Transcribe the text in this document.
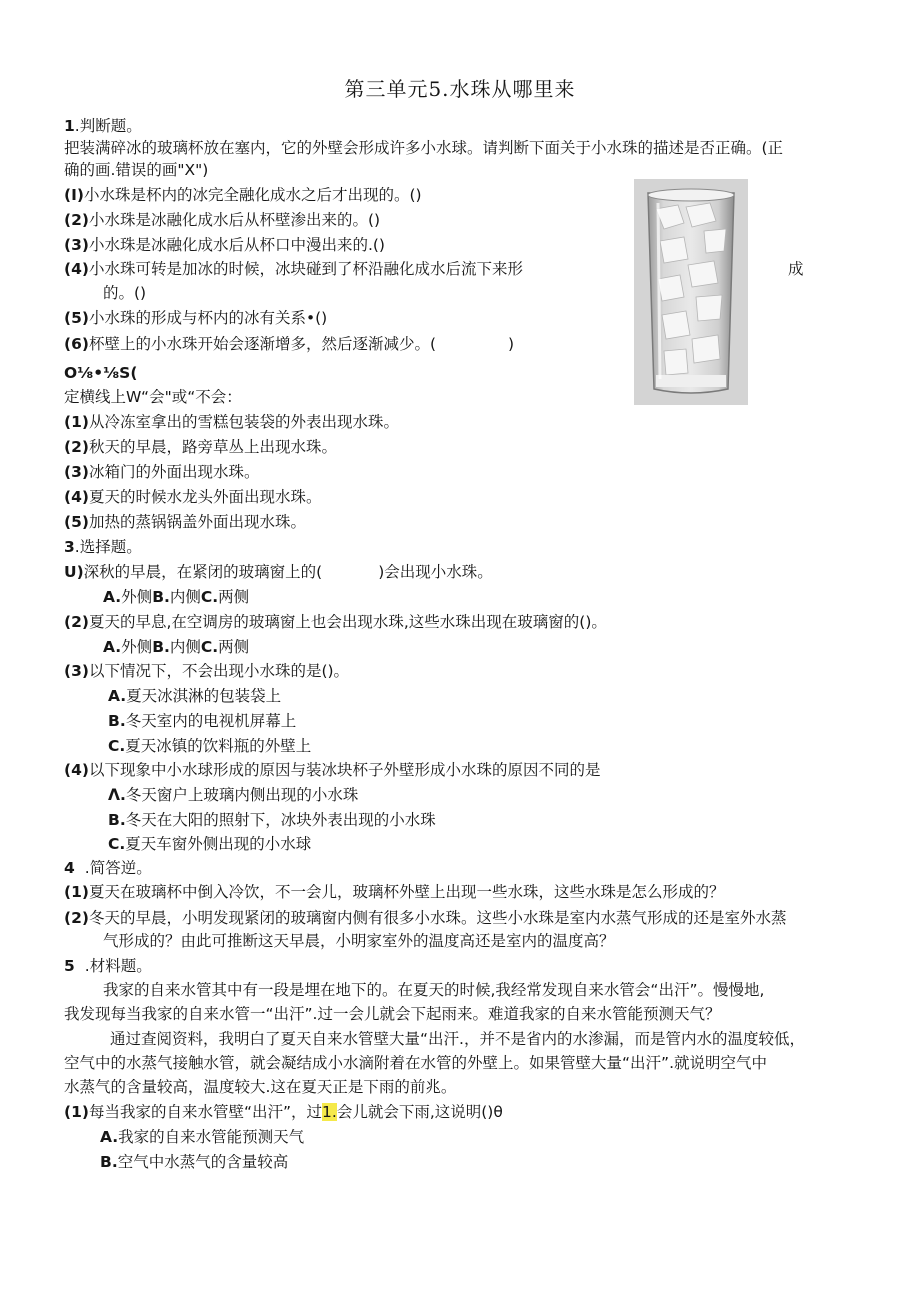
第三单元5.水珠从哪里来
1.判断题。
把装满碎冰的玻璃杯放在塞内，它的外壁会形成许多小水球。请判断下面关于小水珠的描述是否正确。(正
确的画.错误的画"X")
(I)小水珠是杯内的冰完全融化成水之后才出现的。()
(2)小水珠是冰融化成水后从杯壁渗出来的。()
(3)小水珠是冰融化成水后从杯口中漫出来的.()
(4)小水珠可转是加冰的时候，冰块碰到了杯沿融化成水后流下来形	成
的。()
(5)小水珠的形成与杯内的冰有关系•()
(6)杯壁上的小水珠开始会逐渐增多，然后逐渐减少。(	)
O⅛•⅛S(
定横线上W“会"或“不会：
(1)从冷冻室拿出的雪糕包装袋的外表出现水珠。
(2)秋天的早晨，路旁草丛上出现水珠。
(3)冰箱门的外面出现水珠。
(4)夏天的时候水龙头外面出现水珠。
(5)加热的蒸锅锅盖外面出现水珠。
3.选择题。
U)深秋的早晨，在紧闭的玻璃窗上的(	)会出现小水珠。
A.外侧B.内侧C.两侧
(2)夏天的早息,在空调房的玻璃窗上也会出现水珠,这些水珠出现在玻璃窗的()。
A.外侧B.内侧C.两侧
(3)以下情况下，不会出现小水珠的是()。
A.夏天冰淇淋的包装袋上
B.冬天室内的电视机屏幕上
C.夏天冰镇的饮料瓶的外壁上
(4)以下现象中小水球形成的原因与装冰块杯子外壁形成小水珠的原因不同的是
Λ.冬天窗户上玻璃内侧出现的小水珠
B.冬天在大阳的照射下，冰块外表出现的小水珠
C.夏天车窗外侧出现的小水球
4 .简答逆。
(1)夏天在玻璃杯中倒入冷饮，不一会儿，玻璃杯外壁上出现一些水珠，这些水珠是怎么形成的？
(2)冬天的早晨，小明发现紧闭的玻璃窗内侧有很多小水珠。这些小水珠是室内水蒸气形成的还是室外水蒸
气形成的？由此可推断这天早晨，小明家室外的温度高还是室内的温度高？
5 .材料题。
我家的自来水管其中有一段是埋在地下的。在夏天的时候,我经常发现自来水管会“出汗”。慢慢地,
我发现每当我家的自来水管一“出汗”.过一会儿就会下起雨来。难道我家的自来水管能预测天气？
通过查阅资料，我明白了夏天自来水管壁大量“出汗.，并不是省内的水渗漏，而是管内水的温度较低，
空气中的水蒸气接触水管，就会凝结成小水滴附着在水管的外壁上。如果管壁大量“出汗”.就说明空气中
水蒸气的含量较高，温度较大.这在夏天正是下雨的前兆。
(1)每当我家的自来水管壁“出汗”，过1.会儿就会下雨,这说明()θ
A.我家的自来水管能预测天气
B.空气中水蒸气的含量较高
